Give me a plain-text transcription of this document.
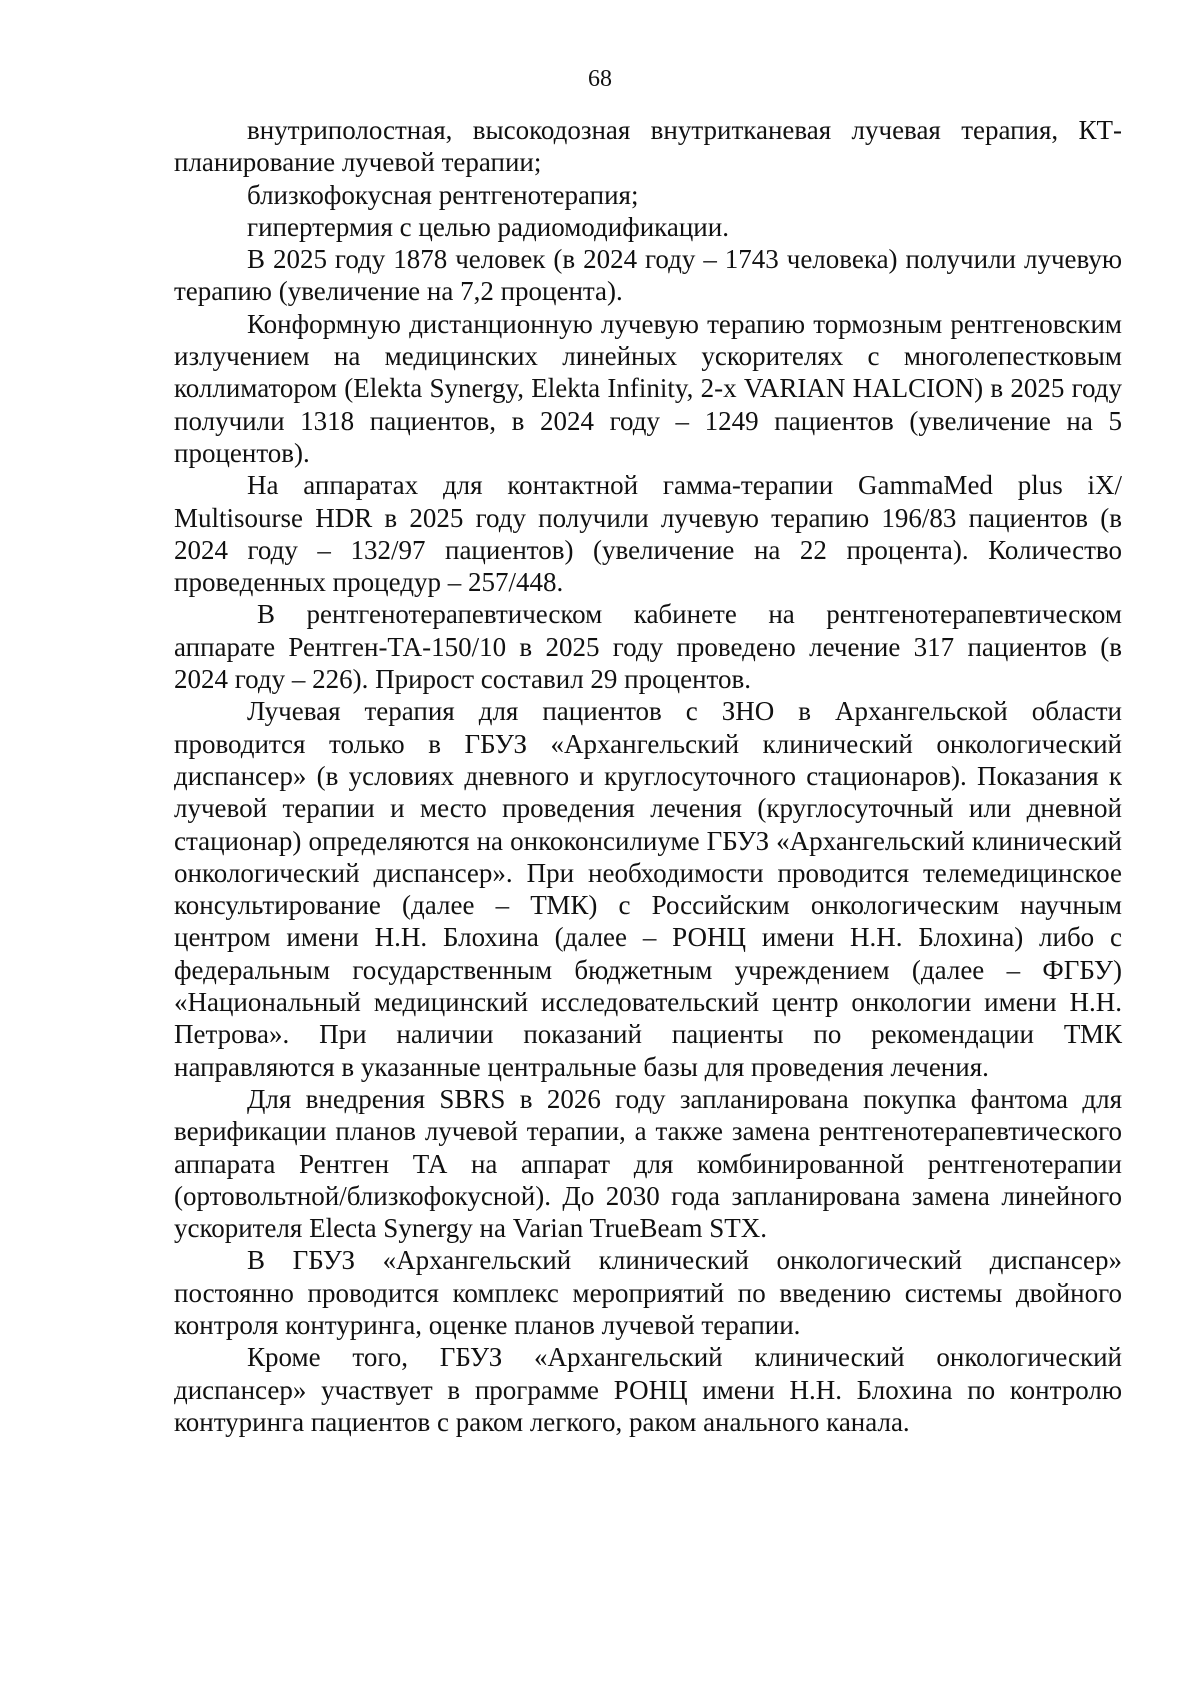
68

внутриполостная, высокодозная внутритканевая лучевая терапия, КТ-планирование лучевой терапии;

близкофокусная рентгенотерапия;

гипертермия с целью радиомодификации.

В 2025 году 1878 человек (в 2024 году – 1743 человека) получили лучевую терапию (увеличение на 7,2 процента).

Конформную дистанционную лучевую терапию тормозным рентгеновским излучением на медицинских линейных ускорителях с многолепестковым коллиматором (Elekta Synergy, Elekta Infinity, 2-х VARIAN HALCION) в 2025 году получили 1318 пациентов, в 2024 году – 1249 пациентов (увеличение на 5 процентов).

На аппаратах для контактной гамма-терапии GammaMed plus iX/ Multisourse HDR в 2025 году получили лучевую терапию 196/83 пациентов (в 2024 году – 132/97 пациентов) (увеличение на 22 процента). Количество проведенных процедур – 257/448.

В рентгенотерапевтическом кабинете на рентгенотерапевтическом аппарате Рентген-ТА-150/10 в 2025 году проведено лечение 317 пациентов (в 2024 году – 226). Прирост составил 29 процентов.

Лучевая терапия для пациентов с ЗНО в Архангельской области проводится только в ГБУЗ «Архангельский клинический онкологический диспансер» (в условиях дневного и круглосуточного стационаров). Показания к лучевой терапии и место проведения лечения (круглосуточный или дневной стационар) определяются на онкоконсилиуме ГБУЗ «Архангельский клинический онкологический диспансер». При необходимости проводится телемедицинское консультирование (далее – ТМК) с Российским онкологическим научным центром имени Н.Н. Блохина (далее – РОНЦ имени Н.Н. Блохина) либо с федеральным государственным бюджетным учреждением (далее – ФГБУ) «Национальный медицинский исследовательский центр онкологии имени Н.Н. Петрова». При наличии показаний пациенты по рекомендации ТМК направляются в указанные центральные базы для проведения лечения.

Для внедрения SBRS в 2026 году запланирована покупка фантома для верификации планов лучевой терапии, а также замена рентгенотерапевтического аппарата Рентген ТА на аппарат для комбинированной рентгенотерапии (ортовольтной/близкофокусной). До 2030 года запланирована замена линейного ускорителя Electa Synergy на Varian TrueBeam STX.

В ГБУЗ «Архангельский клинический онкологический диспансер» постоянно проводится комплекс мероприятий по введению системы двойного контроля контуринга, оценке планов лучевой терапии.

Кроме того, ГБУЗ «Архангельский клинический онкологический диспансер» участвует в программе РОНЦ имени Н.Н. Блохина по контролю контуринга пациентов с раком легкого, раком анального канала.
